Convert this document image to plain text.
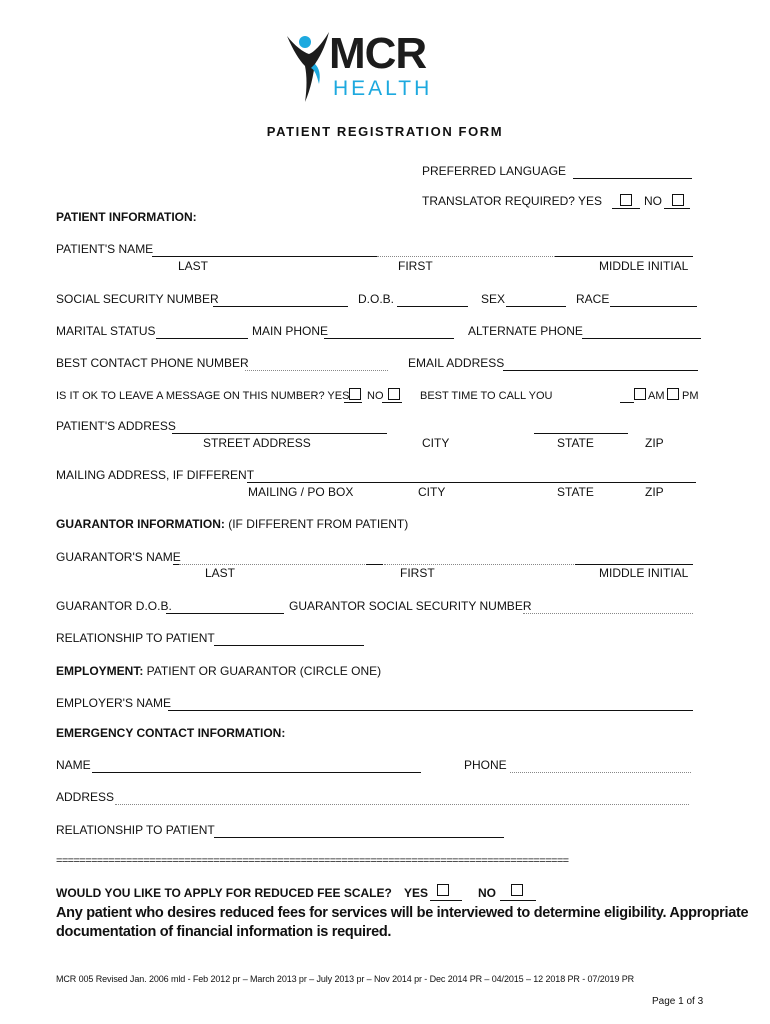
MCR
HEALTH
PATIENT REGISTRATION FORM
PREFERRED LANGUAGE
TRANSLATOR REQUIRED? YES	NO
PATIENT INFORMATION:
PATIENT'S NAME
LAST	FIRST	MIDDLE INITIAL
SOCIAL SECURITY NUMBER	D.O.B.	SEX	RACE
MARITAL STATUS	MAIN PHONE	ALTERNATE PHONE
BEST CONTACT PHONE NUMBER	EMAIL ADDRESS
IS IT OK TO LEAVE A MESSAGE ON THIS NUMBER? YES NO	BEST TIME TO CALL YOU	AM PM
PATIENT'S ADDRESS
STREET ADDRESS	CITY	STATE	ZIP
MAILING ADDRESS, IF DIFFERENT
MAILING / PO BOX	CITY	STATE	ZIP
GUARANTOR INFORMATION: (IF DIFFERENT FROM PATIENT)
GUARANTOR'S NAME
LAST	FIRST	MIDDLE INITIAL
GUARANTOR D.O.B.	GUARANTOR SOCIAL SECURITY NUMBER
RELATIONSHIP TO PATIENT
EMPLOYMENT: PATIENT OR GUARANTOR (CIRCLE ONE)
EMPLOYER'S NAME
EMERGENCY CONTACT INFORMATION:
NAME	PHONE
ADDRESS
RELATIONSHIP TO PATIENT
========================================================================================
WOULD YOU LIKE TO APPLY FOR REDUCED FEE SCALE? YES	NO
Any patient who desires reduced fees for services will be interviewed to determine eligibility. Appropriate
documentation of financial information is required.
MCR 005 Revised Jan. 2006 mld - Feb 2012 pr – March 2013 pr – July 2013 pr – Nov 2014 pr - Dec 2014 PR – 04/2015 – 12 2018 PR - 07/2019 PR
Page 1 of 3
